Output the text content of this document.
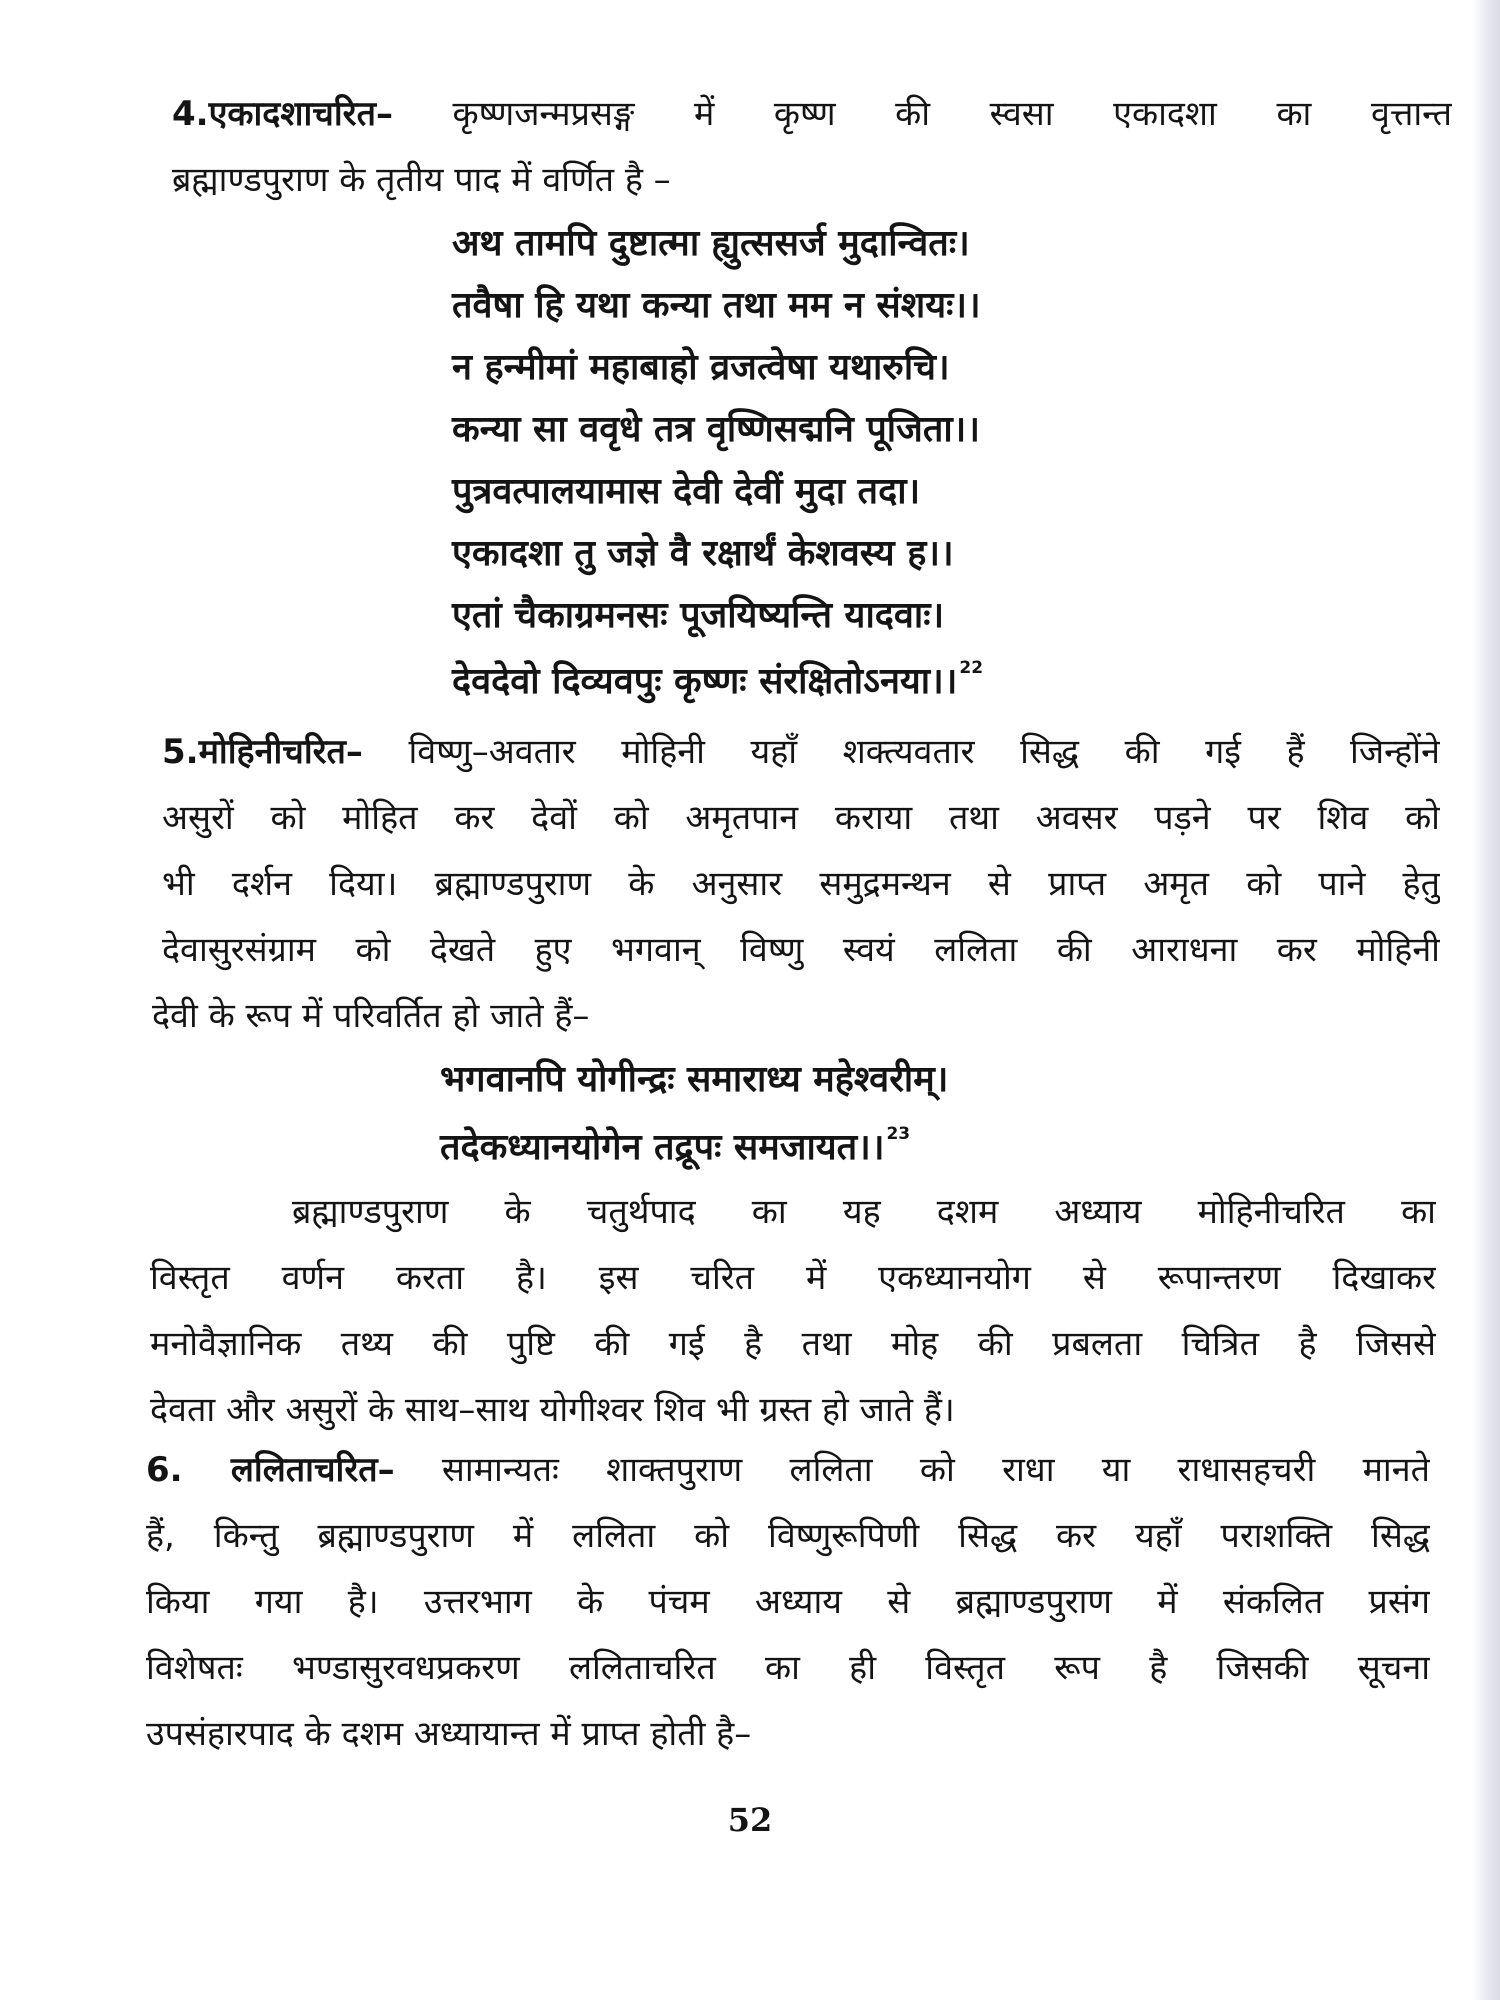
4.एकादशाचरित– कृष्णजन्मप्रसङ्ग में कृष्ण की स्वसा एकादशा का वृत्तान्त
ब्रह्माण्डपुराण के तृतीय पाद में वर्णित है –
अथ तामपि दुष्टात्मा ह्युत्ससर्ज मुदान्वितः।
तवैषा हि यथा कन्या तथा मम न संशयः।।
न हन्मीमां महाबाहो व्रजत्वेषा यथारुचि।
कन्या सा ववृधे तत्र वृष्णिसद्मनि पूजिता।।
पुत्रवत्पालयामास देवी देवीं मुदा तदा।
एकादशा तु जज्ञे वै रक्षार्थं केशवस्य ह।।
एतां चैकाग्रमनसः पूजयिष्यन्ति यादवाः।
देवदेवो दिव्यवपुः कृष्णः संरक्षितोऽनया।। $^{22}$
5.मोहिनीचरित– विष्णु–अवतार मोहिनी यहाँ शक्त्यवतार सिद्ध की गई हैं जिन्होंने
असुरों को मोहित कर देवों को अमृतपान कराया तथा अवसर पड़ने पर शिव को
भी दर्शन दिया। ब्रह्माण्डपुराण के अनुसार समुद्रमन्थन से प्राप्त अमृत को पाने हेतु
देवासुरसंग्राम को देखते हुए भगवान् विष्णु स्वयं ललिता की आराधना कर मोहिनी
देवी के रूप में परिवर्तित हो जाते हैं–
भगवानपि योगीन्द्रः समाराध्य महेश्वरीम्।
तदेकध्यानयोगेन तद्रूपः समजायत।। $^{23}$
ब्रह्माण्डपुराण के चतुर्थपाद का यह दशम अध्याय मोहिनीचरित का
विस्तृत वर्णन करता है। इस चरित में एकध्यानयोग से रूपान्तरण दिखाकर
मनोवैज्ञानिक तथ्य की पुष्टि की गई है तथा मोह की प्रबलता चित्रित है जिससे
देवता और असुरों के साथ–साथ योगीश्वर शिव भी ग्रस्त हो जाते हैं।
6. ललिताचरित– सामान्यतः शाक्तपुराण ललिता को राधा या राधासहचरी मानते
हैं, किन्तु ब्रह्माण्डपुराण में ललिता को विष्णुरूपिणी सिद्ध कर यहाँ पराशक्ति सिद्ध
किया गया है। उत्तरभाग के पंचम अध्याय से ब्रह्माण्डपुराण में संकलित प्रसंग
विशेषतः भण्डासुरवधप्रकरण ललिताचरित का ही विस्तृत रूप है जिसकी सूचना
उपसंहारपाद के दशम अध्यायान्त में प्राप्त होती है–
52
